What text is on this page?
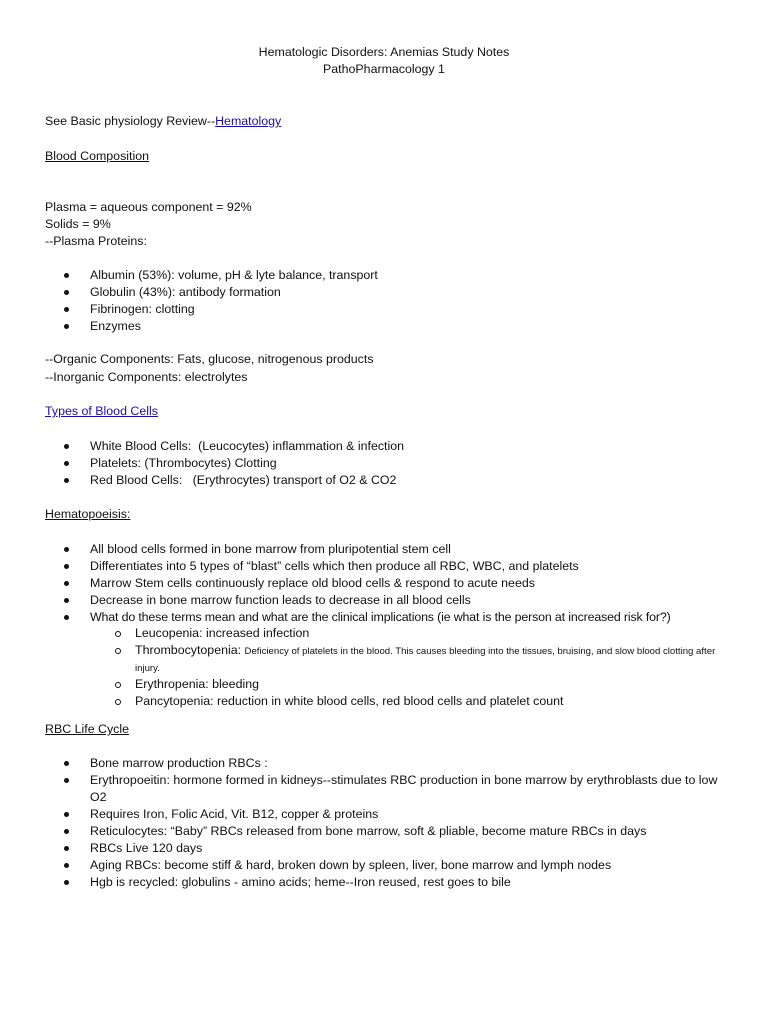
Hematologic Disorders: Anemias Study Notes
PathoPharmacology 1
See Basic physiology Review--Hematology
Blood Composition
Plasma = aqueous component = 92%
Solids = 9%
--Plasma Proteins:
Albumin (53%): volume, pH & lyte balance, transport
Globulin (43%): antibody formation
Fibrinogen: clotting
Enzymes
--Organic Components: Fats, glucose, nitrogenous products
--Inorganic Components: electrolytes
Types of Blood Cells
White Blood Cells:  (Leucocytes) inflammation & infection
Platelets: (Thrombocytes) Clotting
Red Blood Cells:   (Erythrocytes) transport of O2 & CO2
Hematopoeisis:
All blood cells formed in bone marrow from pluripotential stem cell
Differentiates into 5 types of “blast” cells which then produce all RBC, WBC, and platelets
Marrow Stem cells continuously replace old blood cells & respond to acute needs
Decrease in bone marrow function leads to decrease in all blood cells
What do these terms mean and what are the clinical implications (ie what is the person at increased risk for?)
Leucopenia: increased infection
Thrombocytopenia: Deficiency of platelets in the blood. This causes bleeding into the tissues, bruising, and slow blood clotting after injury.
Erythropenia: bleeding
Pancytopenia: reduction in white blood cells, red blood cells and platelet count
RBC Life Cycle
Bone marrow production RBCs :
Erythropoeitin: hormone formed in kidneys--stimulates RBC production in bone marrow by erythroblasts due to low O2
Requires Iron, Folic Acid, Vit. B12, copper & proteins
Reticulocytes: “Baby” RBCs released from bone marrow, soft & pliable, become mature RBCs in days
RBCs Live 120 days
Aging RBCs: become stiff & hard, broken down by spleen, liver, bone marrow and lymph nodes
Hgb is recycled: globulins - amino acids; heme--Iron reused, rest goes to bile
